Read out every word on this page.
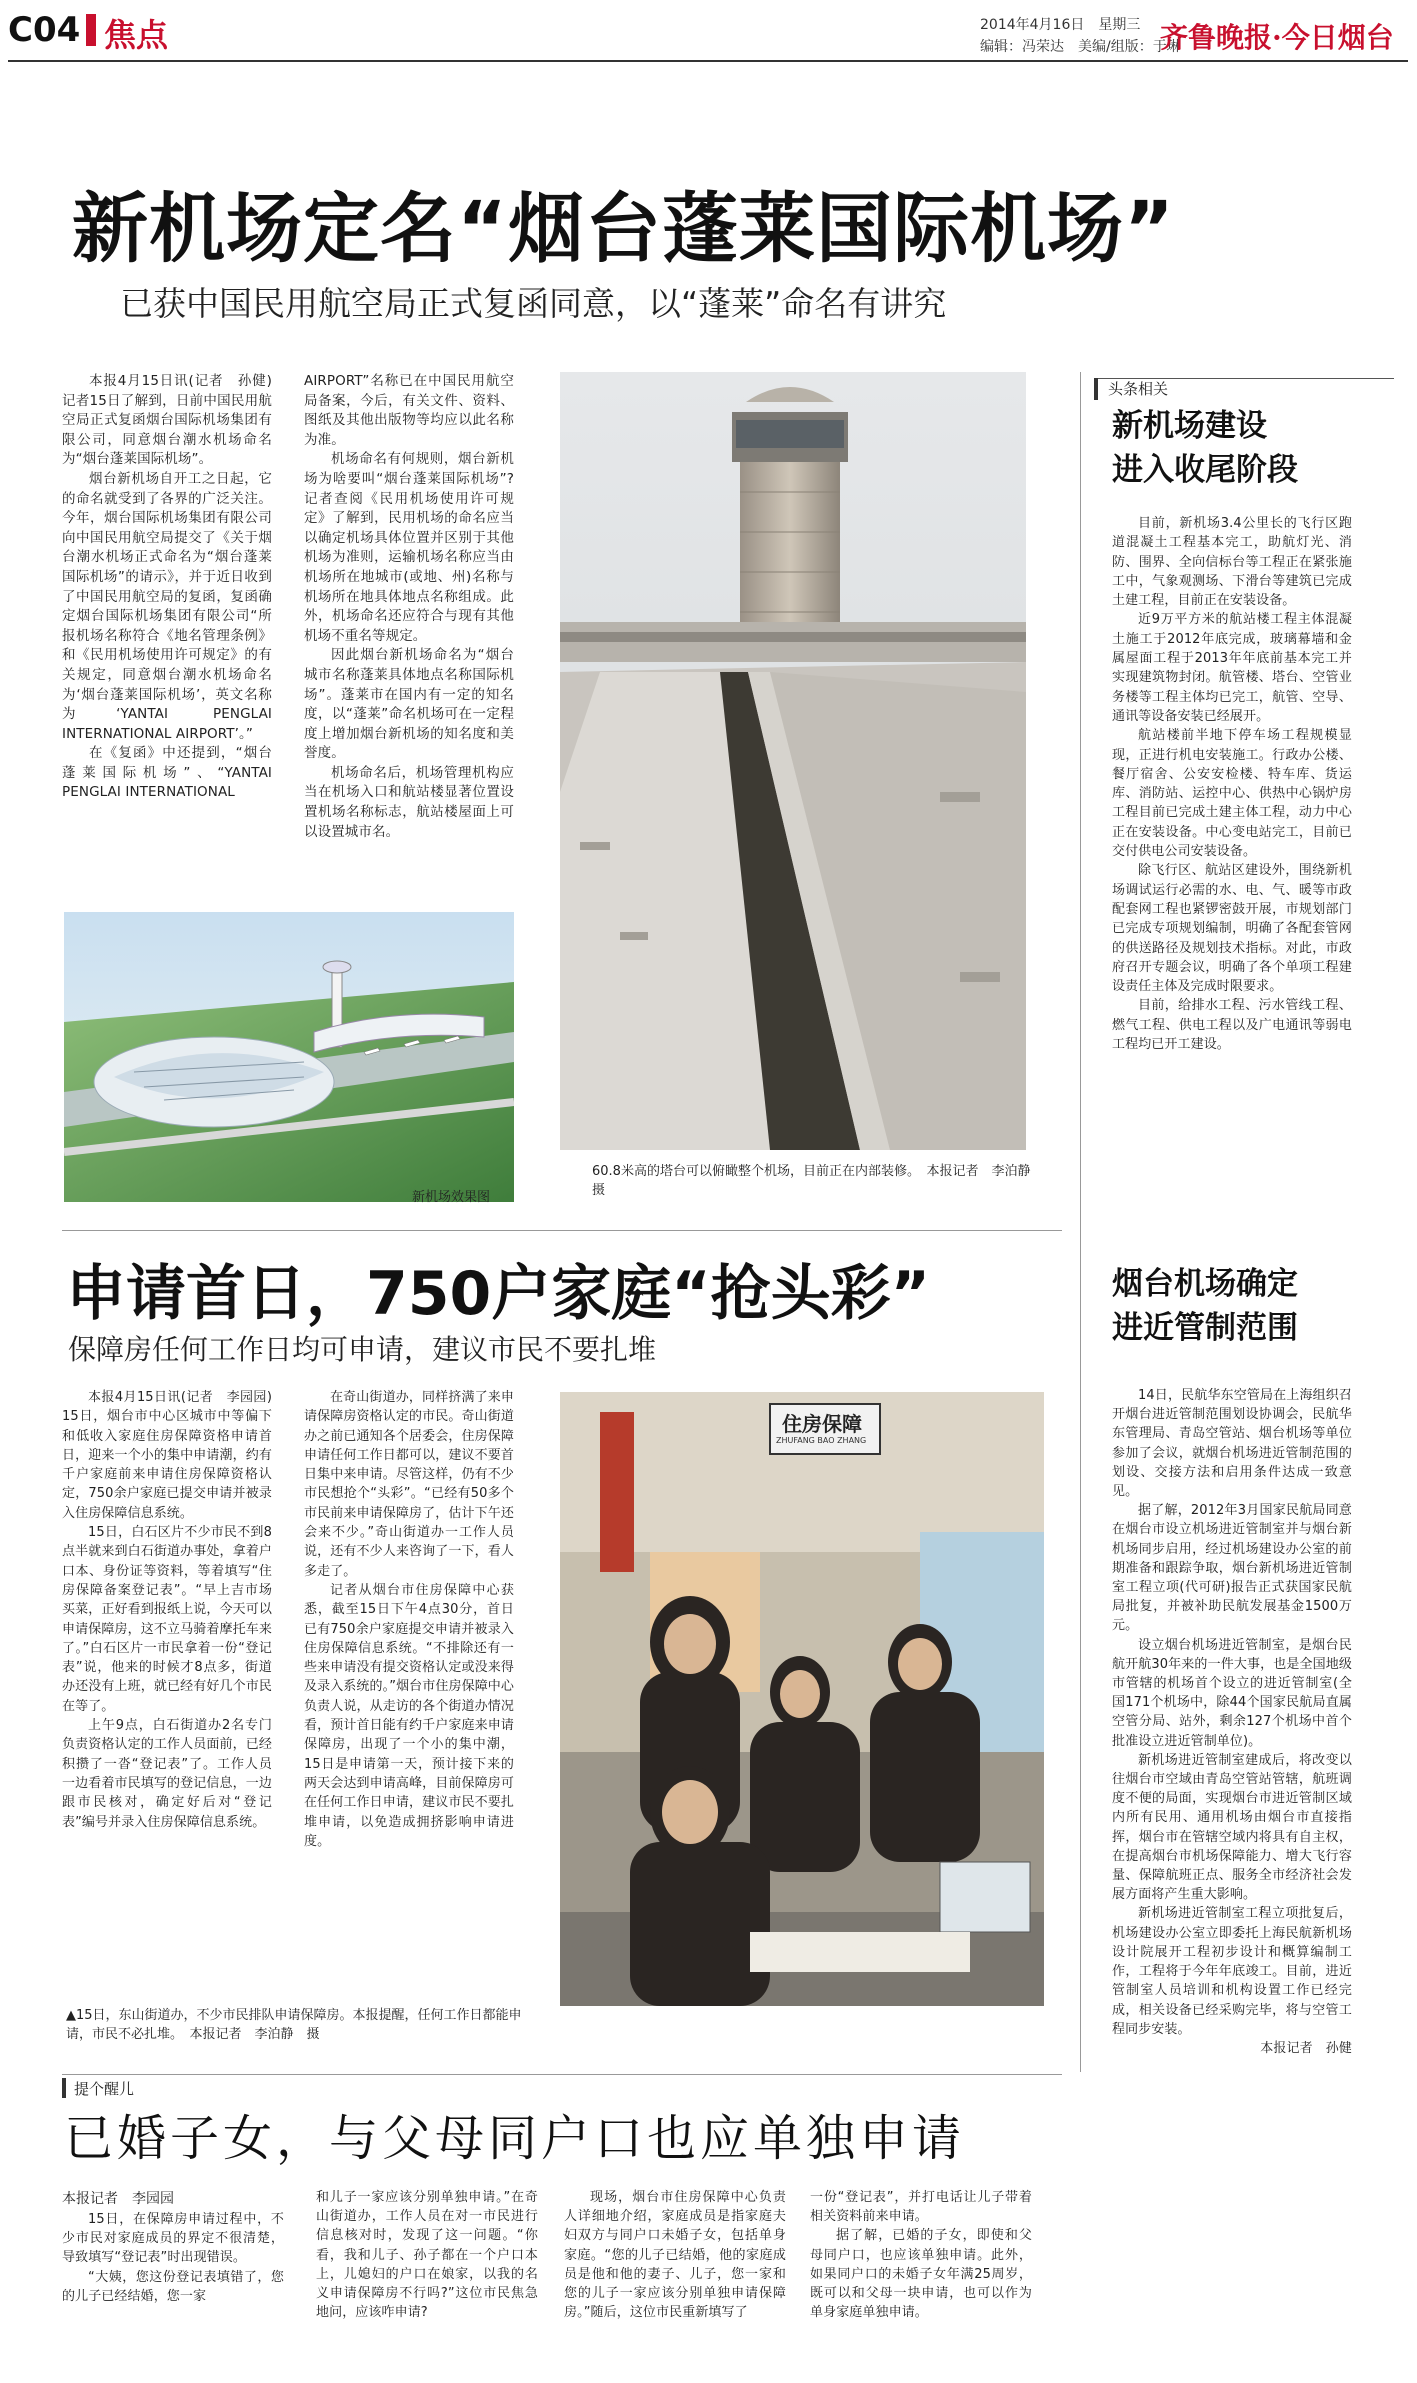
C04 焦点	2014年4月16日　星期三
编辑：冯荣达　美编/组版：于琳
齐鲁晚报·今日烟台
新机场定名“烟台蓬莱国际机场”
已获中国民用航空局正式复函同意，以“蓬莱”命名有讲究

本报4月15日讯(记者　孙健)　记者15日了解到，日前中国民用航空局正式复函烟台国际机场集团有限公司，同意烟台潮水机场命名为“烟台蓬莱国际机场”。

烟台新机场自开工之日起，它的命名就受到了各界的广泛关注。今年，烟台国际机场集团有限公司向中国民用航空局提交了《关于烟台潮水机场正式命名为“烟台蓬莱国际机场”的请示》，并于近日收到了中国民用航空局的复函，复函确定烟台国际机场集团有限公司“所报机场名称符合《地名管理条例》和《民用机场使用许可规定》的有关规定，同意烟台潮水机场命名为‘烟台蓬莱国际机场’，英文名称为‘YANTAI PENGLAI INTERNATIONAL AIRPORT’。”

在《复函》中还提到，“烟台蓬莱国际机场”、“YANTAI PENGLAI INTERNATIONAL

AIRPORT”名称已在中国民用航空局备案，今后，有关文件、资料、图纸及其他出版物等均应以此名称为准。

机场命名有何规则，烟台新机场为啥要叫“烟台蓬莱国际机场”?记者查阅《民用机场使用许可规定》了解到，民用机场的命名应当以确定机场具体位置并区别于其他机场为准则，运输机场名称应当由机场所在地城市(或地、州)名称与机场所在地具体地点名称组成。此外，机场命名还应符合与现有其他机场不重名等规定。

因此烟台新机场命名为“烟台城市名称蓬莱具体地点名称国际机场”。蓬莱市在国内有一定的知名度，以“蓬莱”命名机场可在一定程度上增加烟台新机场的知名度和美誉度。

机场命名后，机场管理机构应当在机场入口和航站楼显著位置设置机场名称标志，航站楼屋面上可以设置城市名。

新机场效果图
60.8米高的塔台可以俯瞰整个机场，目前正在内部装修。　本报记者　李泊静　摄
头条相关
新机场建设
进入收尾阶段

目前，新机场3.4公里长的飞行区跑道混凝土工程基本完工，助航灯光、消防、围界、全向信标台等工程正在紧张施工中，气象观测场、下滑台等建筑已完成土建工程，目前正在安装设备。

近9万平方米的航站楼工程主体混凝土施工于2012年底完成，玻璃幕墙和金属屋面工程于2013年年底前基本完工并实现建筑物封闭。航管楼、塔台、空管业务楼等工程主体均已完工，航管、空导、通讯等设备安装已经展开。

航站楼前半地下停车场工程规模显现，正进行机电安装施工。行政办公楼、餐厅宿舍、公安安检楼、特车库、货运库、消防站、运控中心、供热中心锅炉房工程目前已完成土建主体工程，动力中心正在安装设备。中心变电站完工，目前已交付供电公司安装设备。

除飞行区、航站区建设外，围绕新机场调试运行必需的水、电、气、暖等市政配套网工程也紧锣密鼓开展，市规划部门已完成专项规划编制，明确了各配套管网的供送路径及规划技术指标。对此，市政府召开专题会议，明确了各个单项工程建设责任主体及完成时限要求。

目前，给排水工程、污水管线工程、燃气工程、供电工程以及广电通讯等弱电工程均已开工建设。

申请首日，750户家庭“抢头彩”
保障房任何工作日均可申请，建议市民不要扎堆

本报4月15日讯(记者　李园园)　15日，烟台市中心区城市中等偏下和低收入家庭住房保障资格申请首日，迎来一个小的集中申请潮，约有千户家庭前来申请住房保障资格认定，750余户家庭已提交申请并被录入住房保障信息系统。

15日，白石区片不少市民不到8点半就来到白石街道办事处，拿着户口本、身份证等资料，等着填写“住房保障备案登记表”。“早上吉市场买菜，正好看到报纸上说，今天可以申请保障房，这不立马骑着摩托车来了。”白石区片一市民拿着一份“登记表”说，他来的时候才8点多，街道办还没有上班，就已经有好几个市民在等了。

上午9点，白石街道办2名专门负责资格认定的工作人员面前，已经积攒了一沓“登记表”了。工作人员一边看着市民填写的登记信息，一边跟市民核对，确定好后对“登记表”编号并录入住房保障信息系统。

在奇山街道办，同样挤满了来申请保障房资格认定的市民。奇山街道办之前已通知各个居委会，住房保障申请任何工作日都可以，建议不要首日集中来申请。尽管这样，仍有不少市民想抢个“头彩”。“已经有50多个市民前来申请保障房了，估计下午还会来不少。”奇山街道办一工作人员说，还有不少人来咨询了一下，看人多走了。

记者从烟台市住房保障中心获悉，截至15日下午4点30分，首日已有750余户家庭提交申请并被录入住房保障信息系统。“不排除还有一些来申请没有提交资格认定或没来得及录入系统的。”烟台市住房保障中心负责人说，从走访的各个街道办情况看，预计首日能有约千户家庭来申请保障房，出现了一个小的集中潮，15日是申请第一天，预计接下来的两天会达到申请高峰，目前保障房可在任何工作日申请，建议市民不要扎堆申请，以免造成拥挤影响申请进度。

住房保障
ZHUFANG BAO ZHANG
▲15日，东山街道办，不少市民排队申请保障房。本报提醒，任何工作日都能申请，市民不必扎堆。　本报记者　李泊静　摄
烟台机场确定
进近管制范围

14日，民航华东空管局在上海组织召开烟台进近管制范围划设协调会，民航华东管理局、青岛空管站、烟台机场等单位参加了会议，就烟台机场进近管制范围的划设、交接方法和启用条件达成一致意见。

据了解，2012年3月国家民航局同意在烟台市设立机场进近管制室并与烟台新机场同步启用，经过机场建设办公室的前期准备和跟踪争取，烟台新机场进近管制室工程立项(代可研)报告正式获国家民航局批复，并被补助民航发展基金1500万元。

设立烟台机场进近管制室，是烟台民航开航30年来的一件大事，也是全国地级市管辖的机场首个设立的进近管制室(全国171个机场中，除44个国家民航局直属空管分局、站外，剩余127个机场中首个批准设立进近管制单位)。

新机场进近管制室建成后，将改变以往烟台市空域由青岛空管站管辖，航班调度不便的局面，实现烟台市进近管制区域内所有民用、通用机场由烟台市直接指挥，烟台市在管辖空域内将具有自主权，在提高烟台市机场保障能力、增大飞行容量、保障航班正点、服务全市经济社会发展方面将产生重大影响。

新机场进近管制室工程立项批复后，机场建设办公室立即委托上海民航新机场设计院展开工程初步设计和概算编制工作，工程将于今年年底竣工。目前，进近管制室人员培训和机构设置工作已经完成，相关设备已经采购完毕，将与空管工程同步安装。

本报记者　孙健

提个醒儿
已婚子女，与父母同户口也应单独申请
本报记者　李园园

15日，在保障房申请过程中，不少市民对家庭成员的界定不很清楚，导致填写“登记表”时出现错误。

“大姨，您这份登记表填错了，您的儿子已经结婚，您一家

和儿子一家应该分别单独申请。”在奇山街道办，工作人员在对一市民进行信息核对时，发现了这一问题。“你看，我和儿子、孙子都在一个户口本上，儿媳妇的户口在娘家，以我的名义申请保障房不行吗?”这位市民焦急地问，应该咋申请?

现场，烟台市住房保障中心负责人详细地介绍，家庭成员是指家庭夫妇双方与同户口未婚子女，包括单身家庭。“您的儿子已结婚，他的家庭成员是他和他的妻子、儿子，您一家和您的儿子一家应该分别单独申请保障房。”随后，这位市民重新填写了

一份“登记表”，并打电话让儿子带着相关资料前来申请。

据了解，已婚的子女，即使和父母同户口，也应该单独申请。此外，如果同户口的未婚子女年满25周岁，既可以和父母一块申请，也可以作为单身家庭单独申请。
